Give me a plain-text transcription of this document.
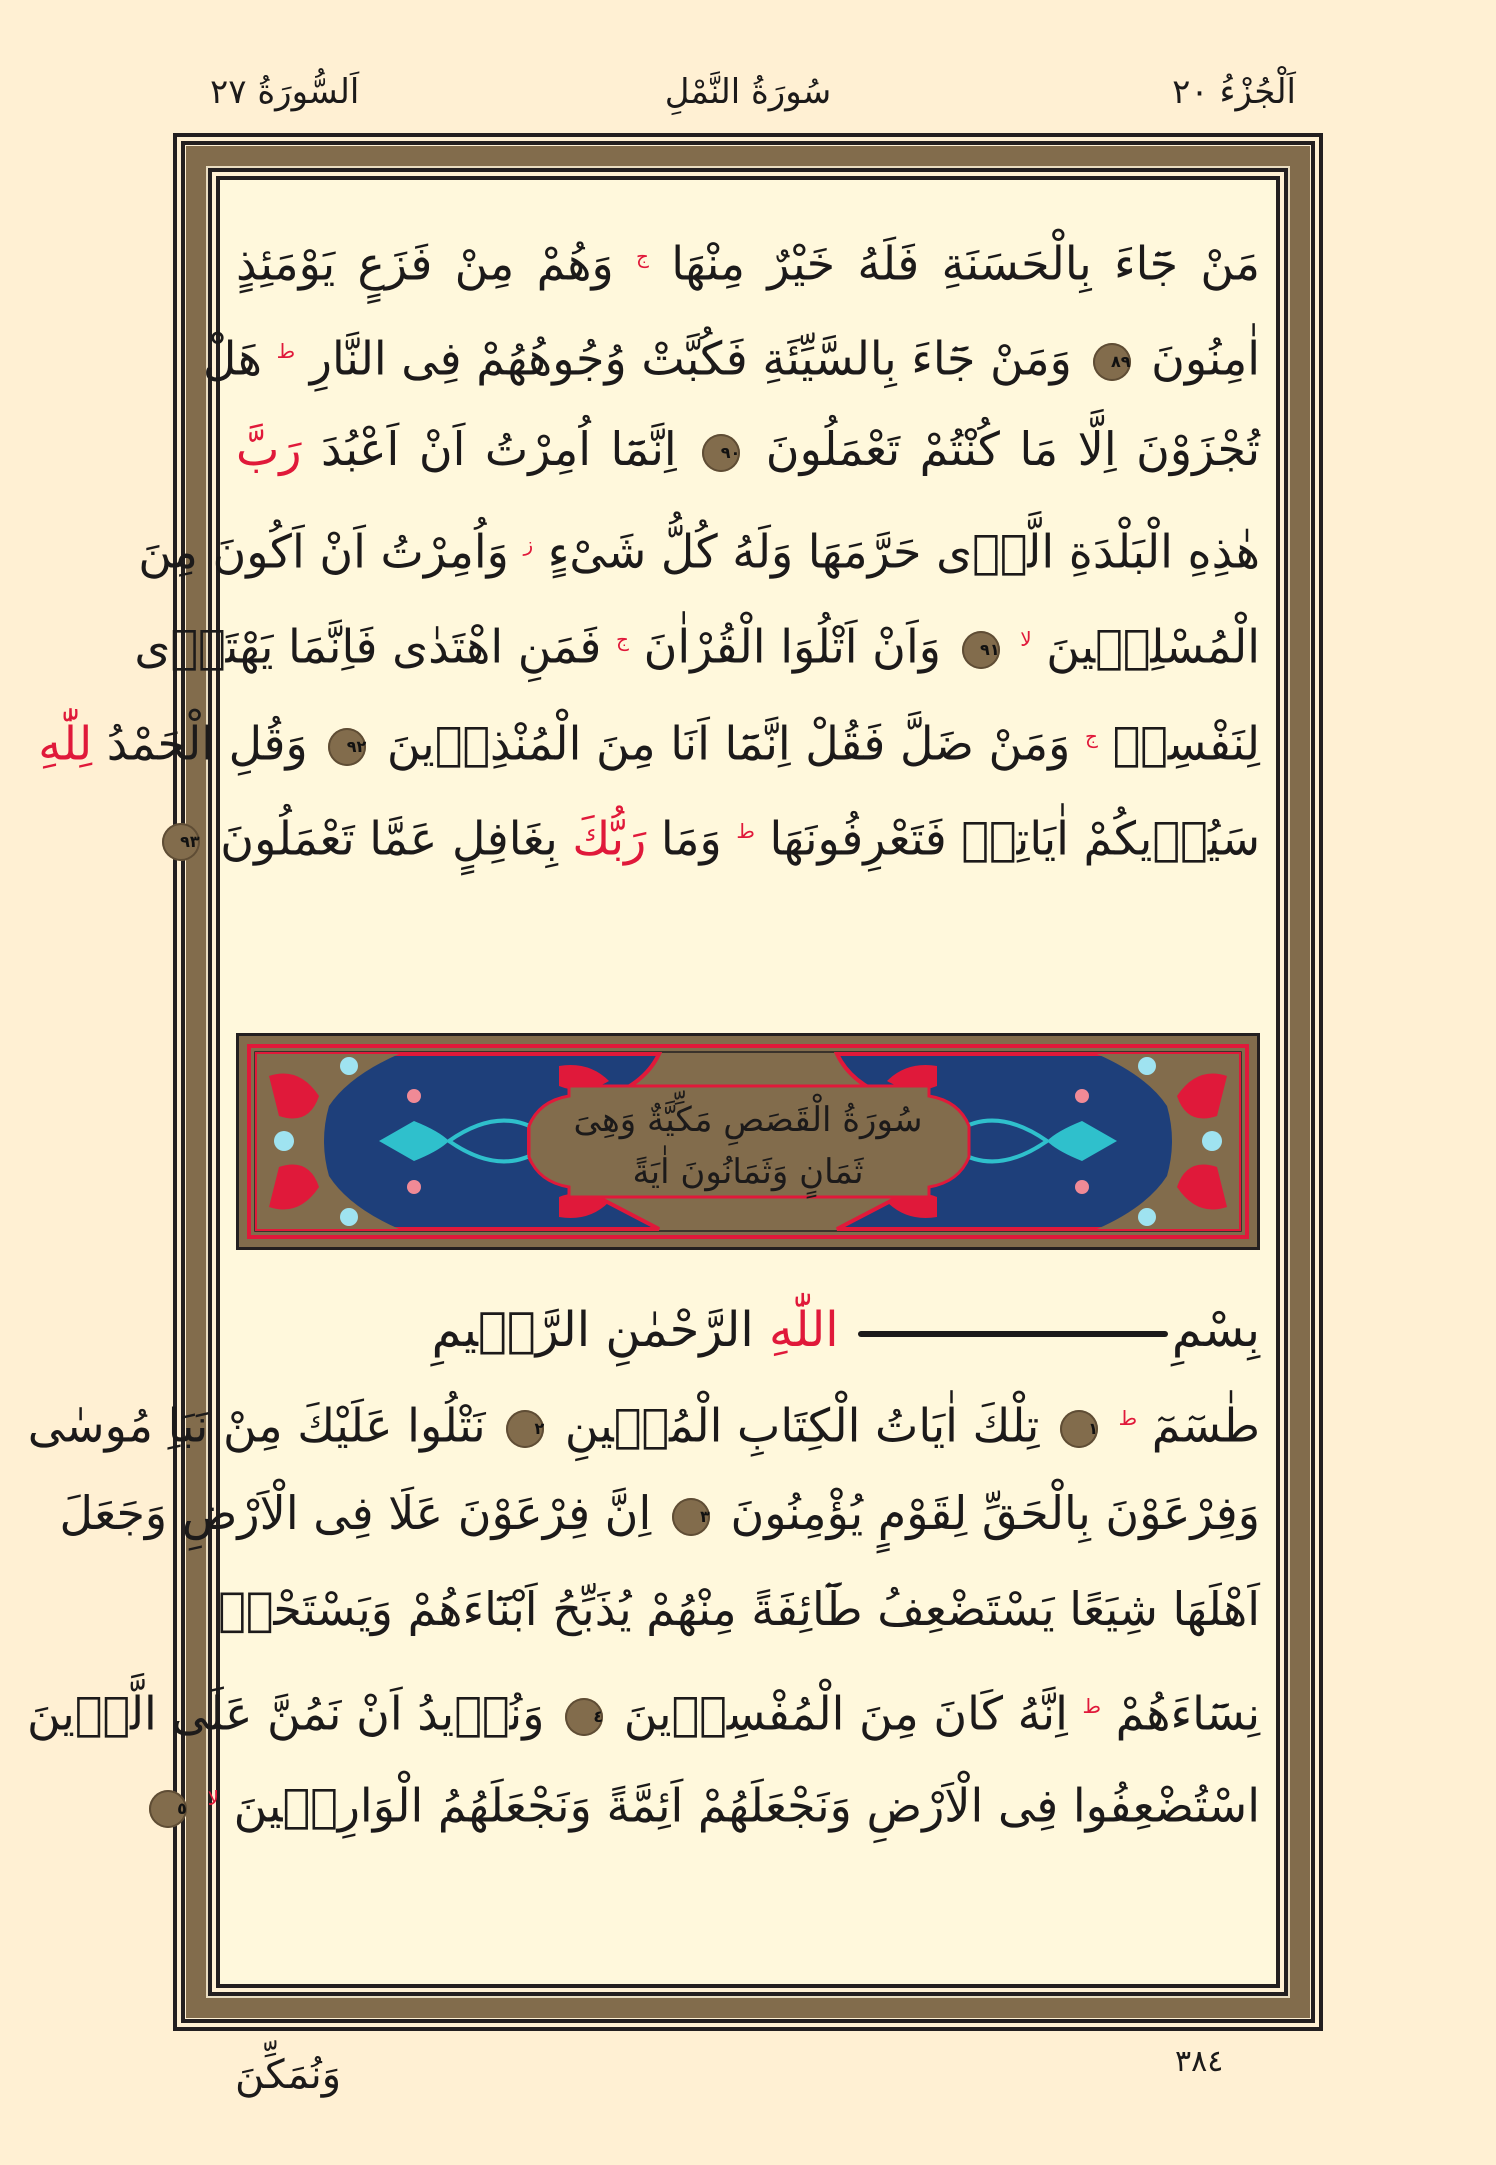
اَلْجُزْءُ ٢٠
سُورَةُ النَّمْلِ
اَلسُّورَةُ ٢٧
مَنْ جَٓاءَ بِالْحَسَنَةِ فَلَهُ خَيْرٌ مِنْهَا $^ج$ وَهُمْ مِنْ فَزَعٍ يَوْمَئِذٍ
اٰمِنُونَ ٨٩ وَمَنْ جَٓاءَ بِالسَّيِّئَةِ فَكُبَّتْ وُجُوهُهُمْ فِى النَّارِ $^ط$ هَلْ
تُجْزَوْنَ اِلَّا مَا كُنْتُمْ تَعْمَلُونَ ٩٠ اِنَّمَٓا اُمِرْتُ اَنْ اَعْبُدَ رَبَّ
هٰذِهِ الْبَلْدَةِ الَّذٖى حَرَّمَهَا وَلَهُ كُلُّ شَىْءٍ $^ز$ وَاُمِرْتُ اَنْ اَكُونَ مِنَ
الْمُسْلِمٖينَ $^{لا}$ ٩١ وَاَنْ اَتْلُوَا الْقُرْاٰنَ $^ج$ فَمَنِ اهْتَدٰى فَاِنَّمَا يَهْتَدٖى
لِنَفْسِهٖ $^ج$ وَمَنْ ضَلَّ فَقُلْ اِنَّمَٓا اَنَا مِنَ الْمُنْذِرٖينَ ٩٢ وَقُلِ الْحَمْدُ لِلّٰهِ
سَيُرٖيكُمْ اٰيَاتِهٖ فَتَعْرِفُونَهَا $^ط$ وَمَا رَبُّكَ بِغَافِلٍ عَمَّا تَعْمَلُونَ ٩٣
سُورَةُ الْقَصَصِ مَكِّيَّةٌ وَهِىَ
ثَمَانٍ وَثَمَانُونَ اٰيَةً
بِسْمِ اللّٰهِ الرَّحْمٰنِ الرَّحٖيمِ
طٰسٓمٓ $^ط$ ١ تِلْكَ اٰيَاتُ الْكِتَابِ الْمُبٖينِ ٢ نَتْلُوا عَلَيْكَ مِنْ نَبَاِ مُوسٰى
وَفِرْعَوْنَ بِالْحَقِّ لِقَوْمٍ يُؤْمِنُونَ ٣ اِنَّ فِرْعَوْنَ عَلَا فِى الْاَرْضِ وَجَعَلَ
اَهْلَهَا شِيَعًا يَسْتَضْعِفُ طَٓائِفَةً مِنْهُمْ يُذَبِّحُ اَبْنَٓاءَهُمْ وَيَسْتَحْيٖ
نِسَٓاءَهُمْ $^ط$ اِنَّهُ كَانَ مِنَ الْمُفْسِدٖينَ ٤ وَنُرٖيدُ اَنْ نَمُنَّ عَلَى الَّذٖينَ
اسْتُضْعِفُوا فِى الْاَرْضِ وَنَجْعَلَهُمْ اَئِمَّةً وَنَجْعَلَهُمُ الْوَارِثٖينَ $^{لا}$ ٥
٣٨٤
وَنُمَكِّنَ
